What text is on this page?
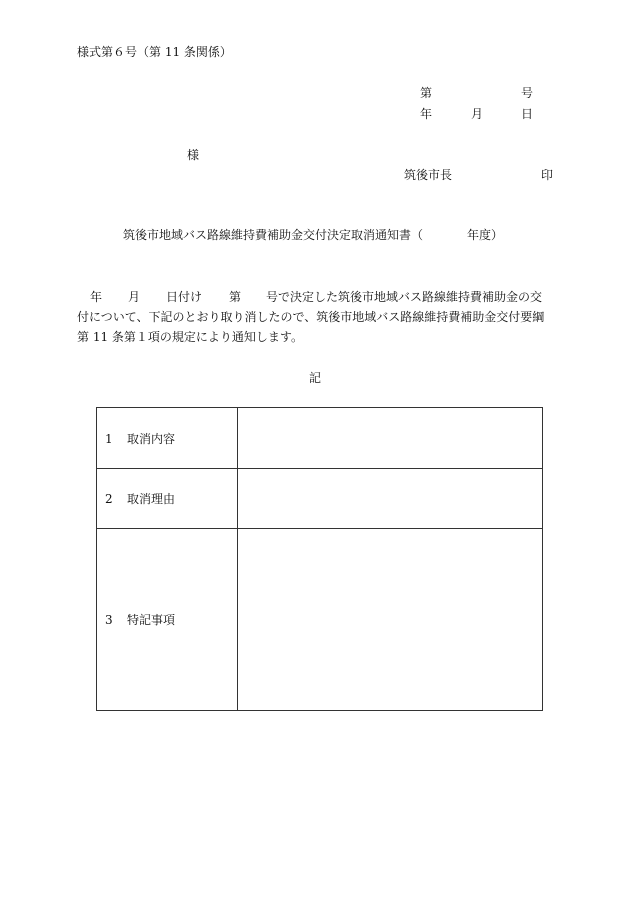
様式第６号（第 11 条関係）
第	号
年	月	日
様
筑後市長	印
筑後市地域バス路線維持費補助金交付決定取消通知書（	年度）
年 月 日付け 第 号で決定した筑後市地域バス路線維持費補助金の交
付について、下記のとおり取り消したので、筑後市地域バス路線維持費補助金交付要綱
第 11 条第１項の規定により通知します。
記
1 取消内容	
2 取消理由	
3 特記事項	
